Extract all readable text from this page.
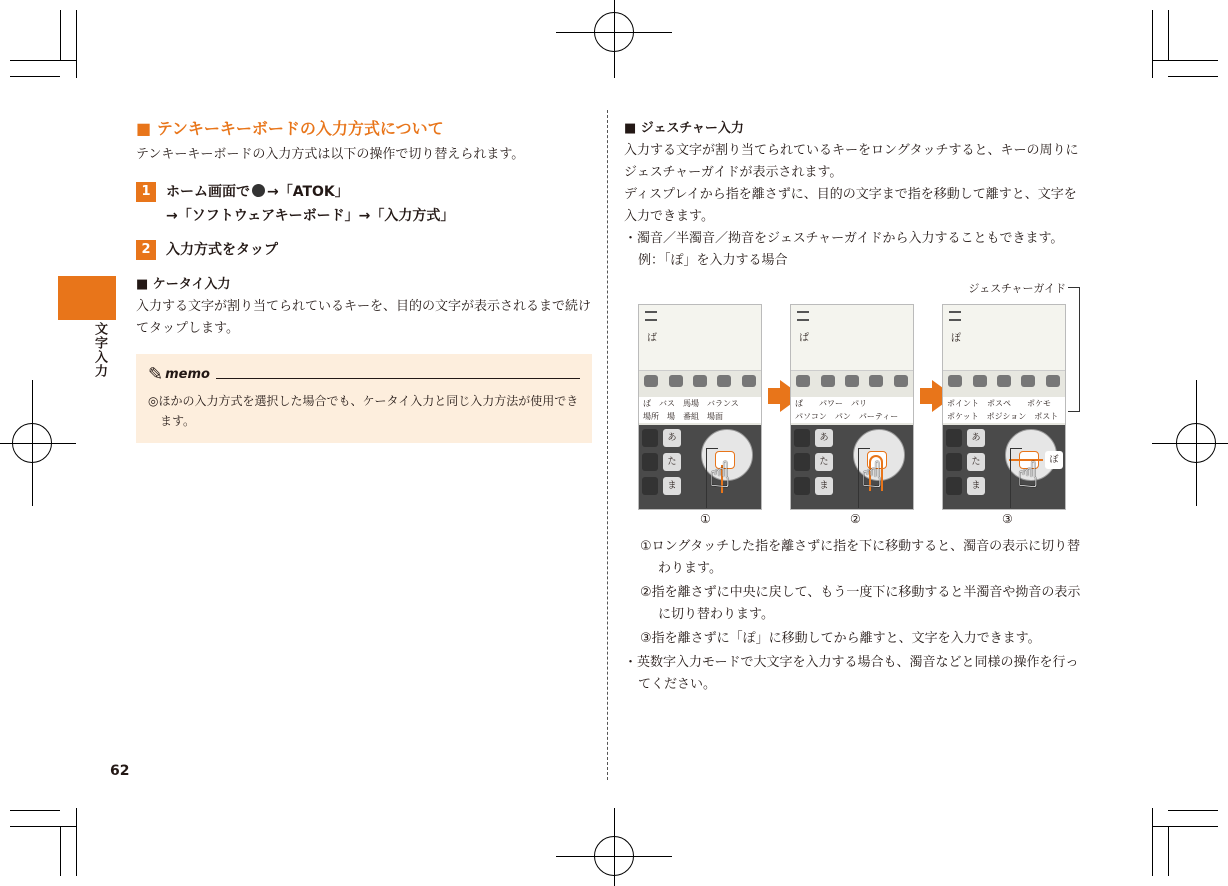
文字入力
62
■ テンキーキーボードの入力方式について
テンキーキーボードの入力方式は以下の操作で切り替えられます。
1	ホーム画面で →「ATOK」
→「ソフトウェアキーボード」→「入力方式」
2	入力方式をタップ
■ ケータイ入力
入力する文字が割り当てられているキーを、目的の文字が表示されるまで続けてタップします。
✎ memo
◎ほかの入力方式を選択した場合でも、ケータイ入力と同じ入力方法が使用できます。
■ ジェスチャー入力
入力する文字が割り当てられているキーをロングタッチすると、キーの周りにジェスチャーガイドが表示されます。
ディスプレイから指を離さずに、目的の文字まで指を移動して離すと、文字を入力できます。
・濁音／半濁音／拗音をジェスチャーガイドから入力することもできます。
例：「ぽ」を入力する場合
ジェスチャーガイド
ば
ば　バス　馬場　バランス
場所　場　番組　場面
あ
た
ま ☝
①
ぱ
ぱ　　パワー　パリ
パソコン　パン　パーティー
あ
た
ま ☝
②
ぽ
ポイント　ポスペ　　ポケモ
ポケット　ポジション　ポスト
あ
た
ま
ぼ
☝
③
①ロングタッチした指を離さずに指を下に移動すると、濁音の表示に切り替わります。
②指を離さずに中央に戻して、もう一度下に移動すると半濁音や拗音の表示に切り替わります。
③指を離さずに「ぽ」に移動してから離すと、文字を入力できます。
・英数字入力モードで大文字を入力する場合も、濁音などと同様の操作を行ってください。
